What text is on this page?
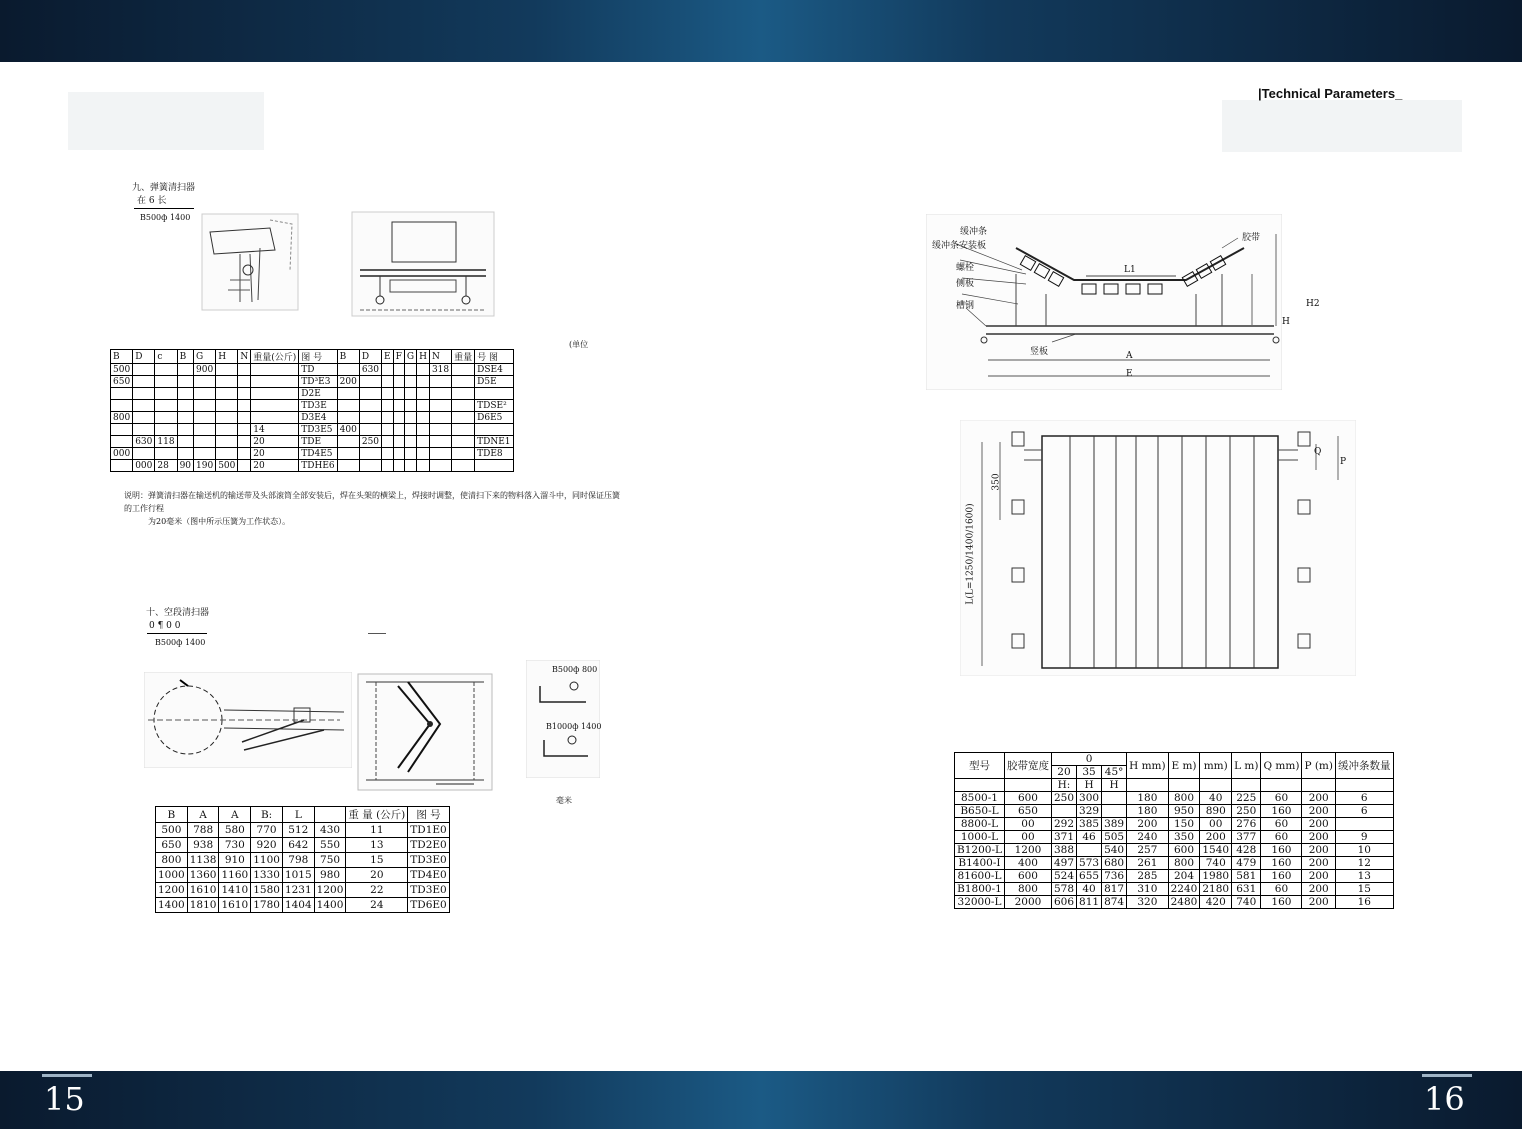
15	16
|Technical Parameters_
九、弹簧清扫器
在 6 长
B500ф 1400
(单位
B	D	c	B	G	H	N	重量(公斤)	图 号	B	D	E	F	G	H	N	重量	号 图
500				900				TD		630					318		DSE4
650								TD³E3	200								D5E
								D2E									
								TD3E									TDSE²
800								D3E4									D6E5
							14	TD3E5	400								
	630	118					20	TDE		250							TDNE1
000							20	TD4E5									TDE8
	000	28	90	190	500		20	TDHE6									
说明：弹簧清扫器在输送机的输送带及头部滚筒全部安装后，焊在头架的横梁上，焊接时调整，使清扫下来的物料落入溜斗中，同时保证压簧的工作行程
为20毫米（图中所示压簧为工作状态）。
十、空段清扫器
0 ¶ 0 0
B500ф 1400
B500ф 800
B1000ф 1400
毫米
B	A	A	B:	L		重 量 (公斤)	图 号
500	788	580	770	512	430	11	TD1E0
650	938	730	920	642	550	13	TD2E0
800	1138	910	1100	798	750	15	TD3E0
1000	1360	1160	1330	1015	980	20	TD4E0
1200	1610	1410	1580	1231	1200	22	TD3E0
1400	1810	1610	1780	1404	1400	24	TD6E0
缓冲条
缓冲条安装板
螺栓
侧板
槽钢
竖板
胶带
L1
H
H2
A
E
350
L(L=1250/1400/1600)
Q
P
型号	胶带宽度	0			H mm)	E m)	mm)	L m)	Q mm)	P (m)	缓冲条数量
		20	35	45°							
		H:	H	H							
8500-1	600	250	300		180	800	40	225	60	200	6
B650-L	650		329		180	950	890	250	160	200	6
8800-L	00	292	385	389	200	150	00	276	60	200	
1000-L	00	371	46	505	240	350	200	377	60	200	9
B1200-L	1200	388		540	257	600	1540	428	160	200	10
B1400-I	400	497	573	680	261	800	740	479	160	200	12
81600-L	600	524	655	736	285	204	1980	581	160	200	13
B1800-1	800	578	40	817	310	2240	2180	631	60	200	15
32000-L	2000	606	811	874	320	2480	420	740	160	200	16
